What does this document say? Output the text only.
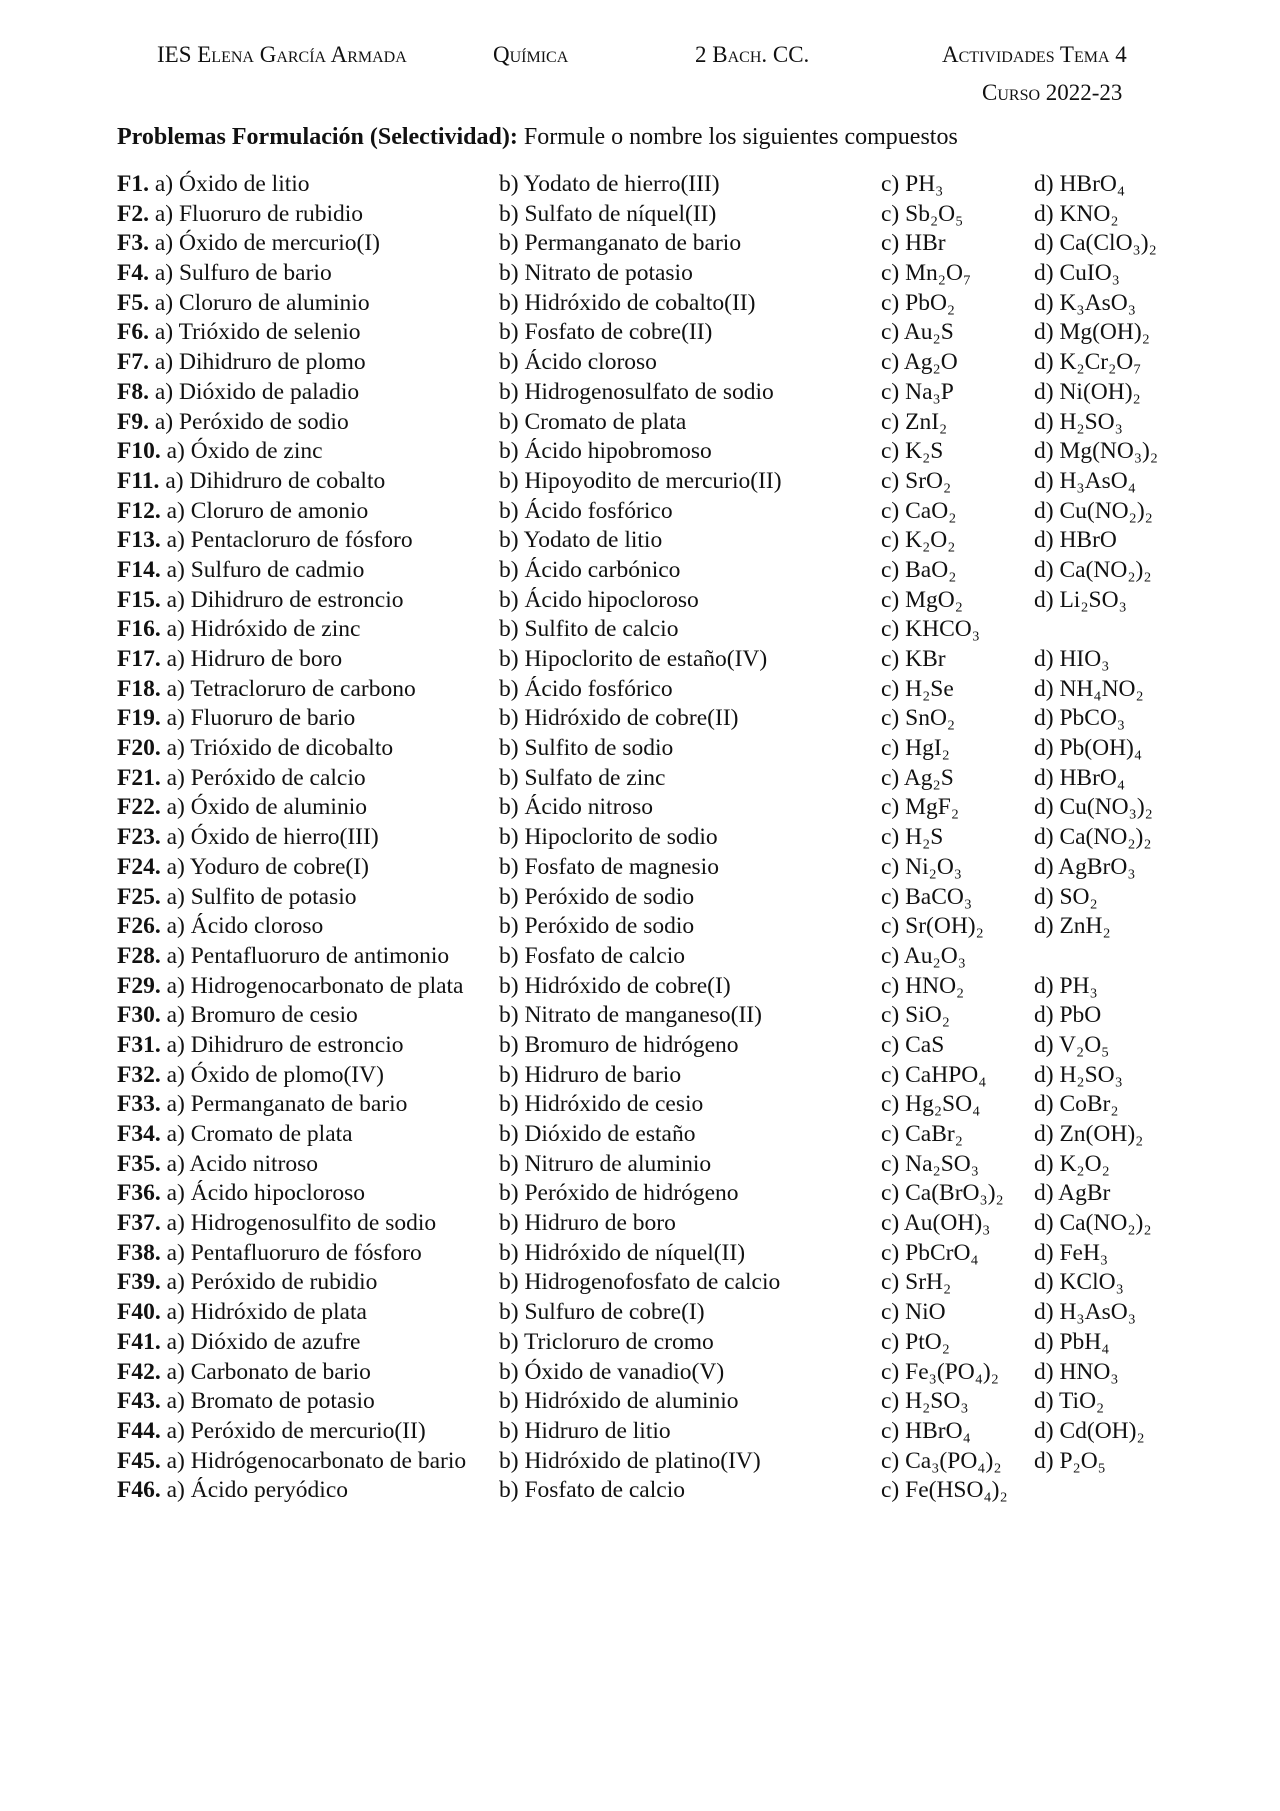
IES Elena García Armada	Química	2 Bach. CC.	Actividades Tema 4
Curso 2022-23
Problemas Formulación (Selectividad): Formule o nombre los siguientes compuestos
F1. a) Óxido de litio	b) Yodato de hierro(III)	c) PH₃	d) HBrO₄
F2. a) Fluoruro de rubidio	b) Sulfato de níquel(II)	c) Sb₂O₅	d) KNO₂
F3. a) Óxido de mercurio(I)	b) Permanganato de bario	c) HBr	d) Ca(ClO₃)₂
F4. a) Sulfuro de bario	b) Nitrato de potasio	c) Mn₂O₇	d) CuIO₃
F5. a) Cloruro de aluminio	b) Hidróxido de cobalto(II)	c) PbO₂	d) K₃AsO₃
F6. a) Trióxido de selenio	b) Fosfato de cobre(II)	c) Au₂S	d) Mg(OH)₂
F7. a) Dihidruro de plomo	b) Ácido cloroso	c) Ag₂O	d) K₂Cr₂O₇
F8. a) Dióxido de paladio	b) Hidrogenosulfato de sodio	c) Na₃P	d) Ni(OH)₂
F9. a) Peróxido de sodio	b) Cromato de plata	c) ZnI₂	d) H₂SO₃
F10. a) Óxido de zinc	b) Ácido hipobromoso	c) K₂S	d) Mg(NO₃)₂
F11. a) Dihidruro de cobalto	b) Hipoyodito de mercurio(II)	c) SrO₂	d) H₃AsO₄
F12. a) Cloruro de amonio	b) Ácido fosfórico	c) CaO₂	d) Cu(NO₂)₂
F13. a) Pentacloruro de fósforo	b) Yodato de litio	c) K₂O₂	d) HBrO
F14. a) Sulfuro de cadmio	b) Ácido carbónico	c) BaO₂	d) Ca(NO₂)₂
F15. a) Dihidruro de estroncio	b) Ácido hipocloroso	c) MgO₂	d) Li₂SO₃
F16. a) Hidróxido de zinc	b) Sulfito de calcio	c) KHCO₃
F17. a) Hidruro de boro	b) Hipoclorito de estaño(IV)	c) KBr	d) HIO₃
F18. a) Tetracloruro de carbono	b) Ácido fosfórico	c) H₂Se	d) NH₄NO₂
F19. a) Fluoruro de bario	b) Hidróxido de cobre(II)	c) SnO₂	d) PbCO₃
F20. a) Trióxido de dicobalto	b) Sulfito de sodio	c) HgI₂	d) Pb(OH)₄
F21. a) Peróxido de calcio	b) Sulfato de zinc	c) Ag₂S	d) HBrO₄
F22. a) Óxido de aluminio	b) Ácido nitroso	c) MgF₂	d) Cu(NO₃)₂
F23. a) Óxido de hierro(III)	b) Hipoclorito de sodio	c) H₂S	d) Ca(NO₂)₂
F24. a) Yoduro de cobre(I)	b) Fosfato de magnesio	c) Ni₂O₃	d) AgBrO₃
F25. a) Sulfito de potasio	b) Peróxido de sodio	c) BaCO₃	d) SO₂
F26. a) Ácido cloroso	b) Peróxido de sodio	c) Sr(OH)₂ d) ZnH₂
F28. a) Pentafluoruro de antimonio b) Fosfato de calcio	c) Au₂O₃
F29. a) Hidrogenocarbonato de plata b) Hidróxido de cobre(I)	c) HNO₂	d) PH₃
F30. a) Bromuro de cesio	b) Nitrato de manganeso(II)	c) SiO₂	d) PbO
F31. a) Dihidruro de estroncio	b) Bromuro de hidrógeno	c) CaS	d) V₂O₅
F32. a) Óxido de plomo(IV)	b) Hidruro de bario	c) CaHPO₄ d) H₂SO₃
F33. a) Permanganato de bario	b) Hidróxido de cesio	c) Hg₂SO₄ d) CoBr₂
F34. a) Cromato de plata	b) Dióxido de estaño	c) CaBr₂	d) Zn(OH)₂
F35. a) Acido nitroso	b) Nitruro de aluminio	c) Na₂SO₃ d) K₂O₂
F36. a) Ácido hipocloroso	b) Peróxido de hidrógeno	c) Ca(BrO₃)₂ d) AgBr
F37. a) Hidrogenosulfito de sodio	b) Hidruro de boro	c) Au(OH)₃ d) Ca(NO₂)₂
F38. a) Pentafluoruro de fósforo	b) Hidróxido de níquel(II)	c) PbCrO₄ d) FeH₃
F39. a) Peróxido de rubidio	b) Hidrogenofosfato de calcio	c) SrH₂	d) KClO₃
F40. a) Hidróxido de plata	b) Sulfuro de cobre(I)	c) NiO	d) H₃AsO₃
F41. a) Dióxido de azufre	b) Tricloruro de cromo	c) PtO₂	d) PbH₄
F42. a) Carbonato de bario	b) Óxido de vanadio(V)	c) Fe₃(PO₄)₂ d) HNO₃
F43. a) Bromato de potasio	b) Hidróxido de aluminio	c) H₂SO₃	d) TiO₂
F44. a) Peróxido de mercurio(II)	b) Hidruro de litio	c) HBrO₄	d) Cd(OH)₂
F45. a) Hidrógenocarbonato de bario b) Hidróxido de platino(IV)	c) Ca₃(PO₄)₂ d) P₂O₅
F46. a) Ácido peryódico	b) Fosfato de calcio	c) Fe(HSO₄)₂
